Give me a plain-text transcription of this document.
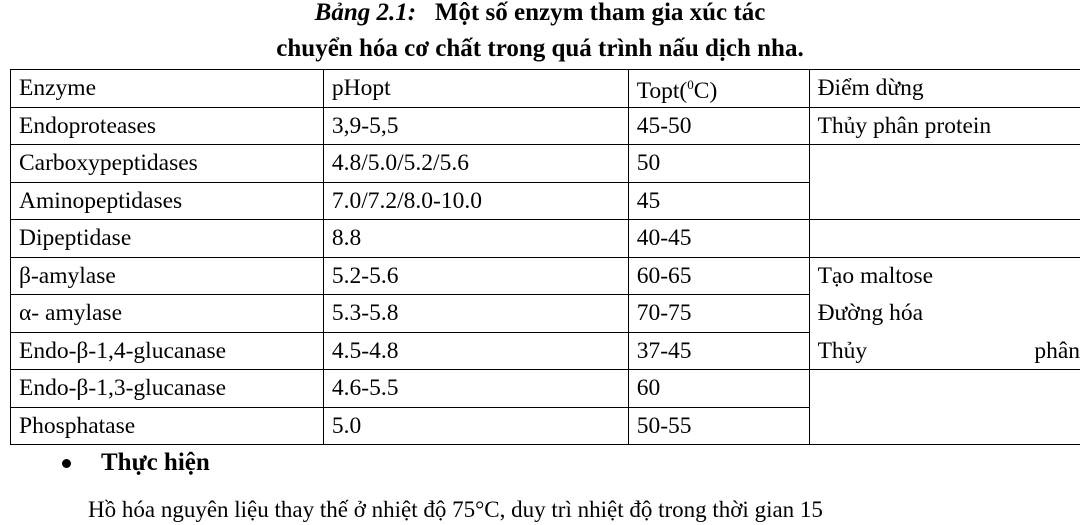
Bảng 2.1: Một số enzym tham gia xúc tác
chuyển hóa cơ chất trong quá trình nấu dịch nha.
Enzyme	pHopt	Topt($^0$C)	Điểm dừng
Endoproteases	3,9-5,5	45-50	Thủy phân protein
Carboxypeptidases	4.8/5.0/5.2/5.6	50	
Aminopeptidases	7.0/7.2/8.0-10.0	45	
Dipeptidase	8.8	40-45	
β-amylase	5.2-5.6	60-65	Tạo maltose
α- amylase	5.3-5.8	70-75	Đường hóa
Endo-β-1,4-glucanase	4.5-4.8	37-45	Thủy phân

Endo-β-1,3-glucanase	4.6-5.5	60	
Phosphatase	5.0	50-55	
Thực hiện
Hồ hóa nguyên liệu thay thế ở nhiệt độ 75°C, duy trì nhiệt độ trong thời gian 15
